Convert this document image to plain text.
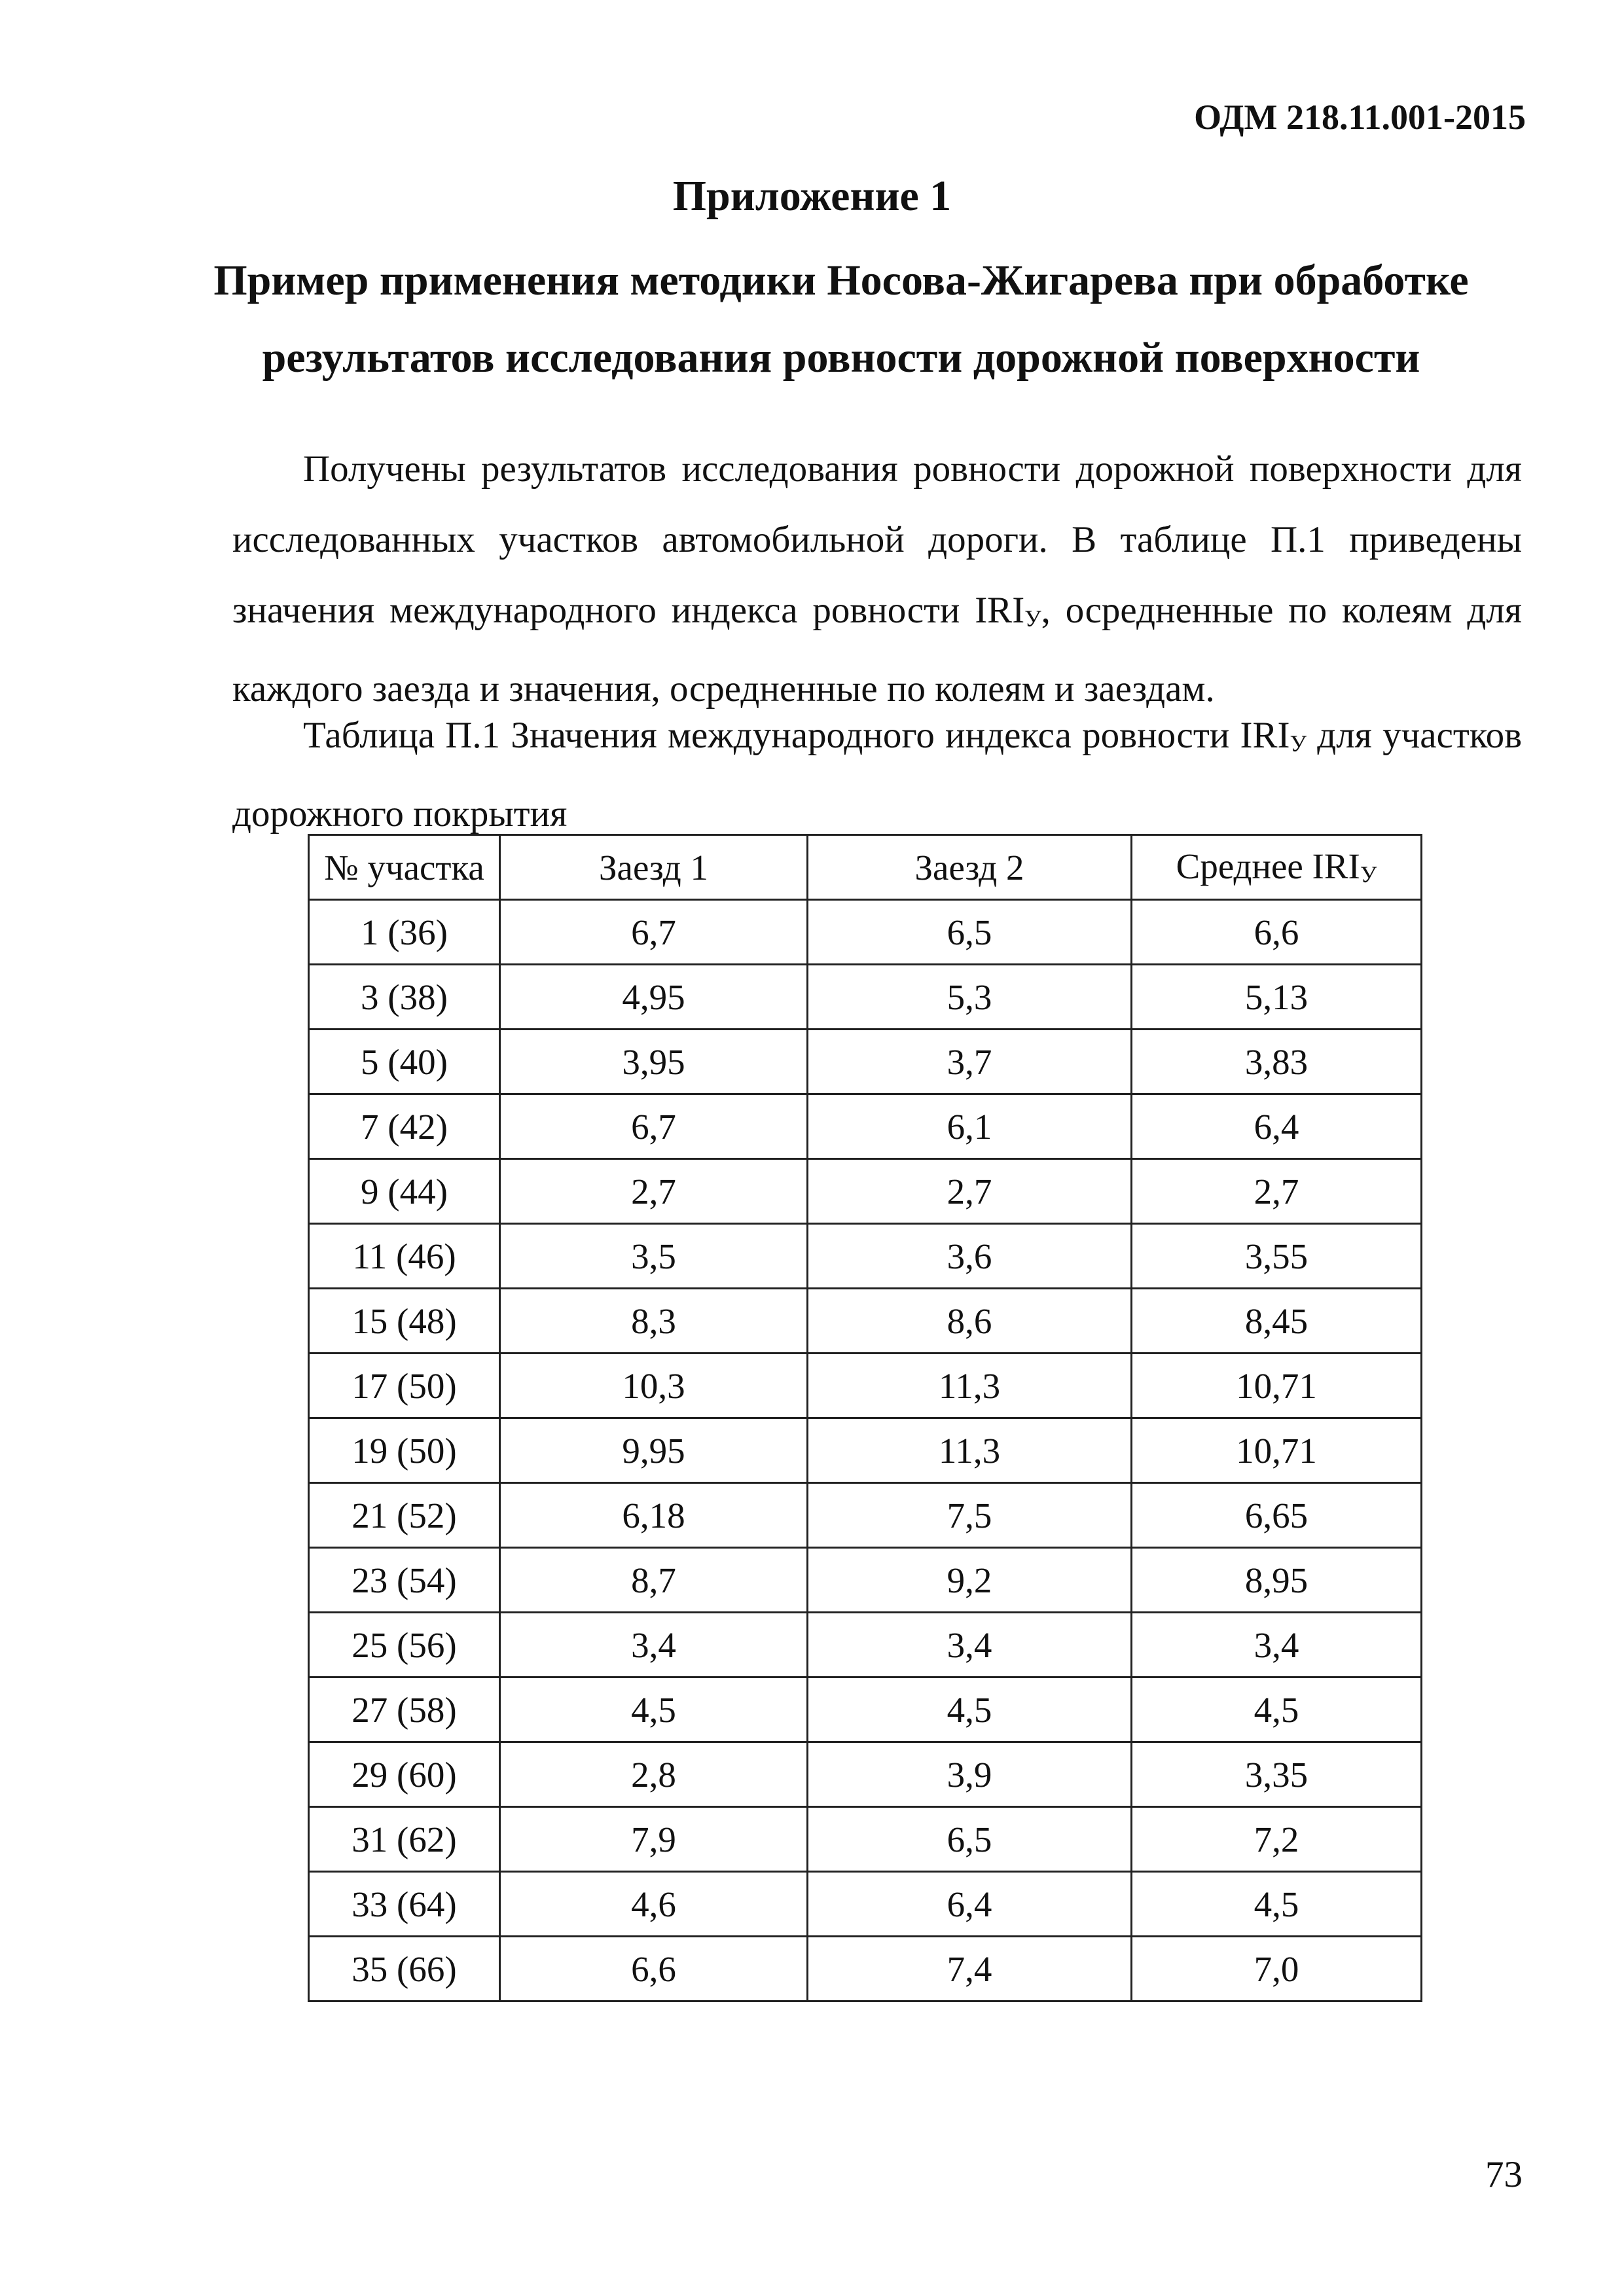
ОДМ 218.11.001-2015

Приложение 1
Пример применения методики Носова-Жигарева при обработке результатов исследования ровности дорожной поверхности

Получены результатов исследования ровности дорожной поверхности для исследованных участков автомобильной дороги. В таблице П.1 приведены значения международного индекса ровности $IRI_У$, осредненные по колеям для каждого заезда и значения, осредненные по колеям и заездам.

Таблица П.1 Значения международного индекса ровности $IRI_У$ для участков дорожного покрытия

№ участка	Заезд 1	Заезд 2	Среднее $IRI_У$
1 (36)	6,7	6,5	6,6
3 (38)	4,95	5,3	5,13
5 (40)	3,95	3,7	3,83
7 (42)	6,7	6,1	6,4
9 (44)	2,7	2,7	2,7
11 (46)	3,5	3,6	3,55
15 (48)	8,3	8,6	8,45
17 (50)	10,3	11,3	10,71
19 (50)	9,95	11,3	10,71
21 (52)	6,18	7,5	6,65
23 (54)	8,7	9,2	8,95
25 (56)	3,4	3,4	3,4
27 (58)	4,5	4,5	4,5
29 (60)	2,8	3,9	3,35
31 (62)	7,9	6,5	7,2
33 (64)	4,6	6,4	4,5
35 (66)	6,6	7,4	7,0

73
